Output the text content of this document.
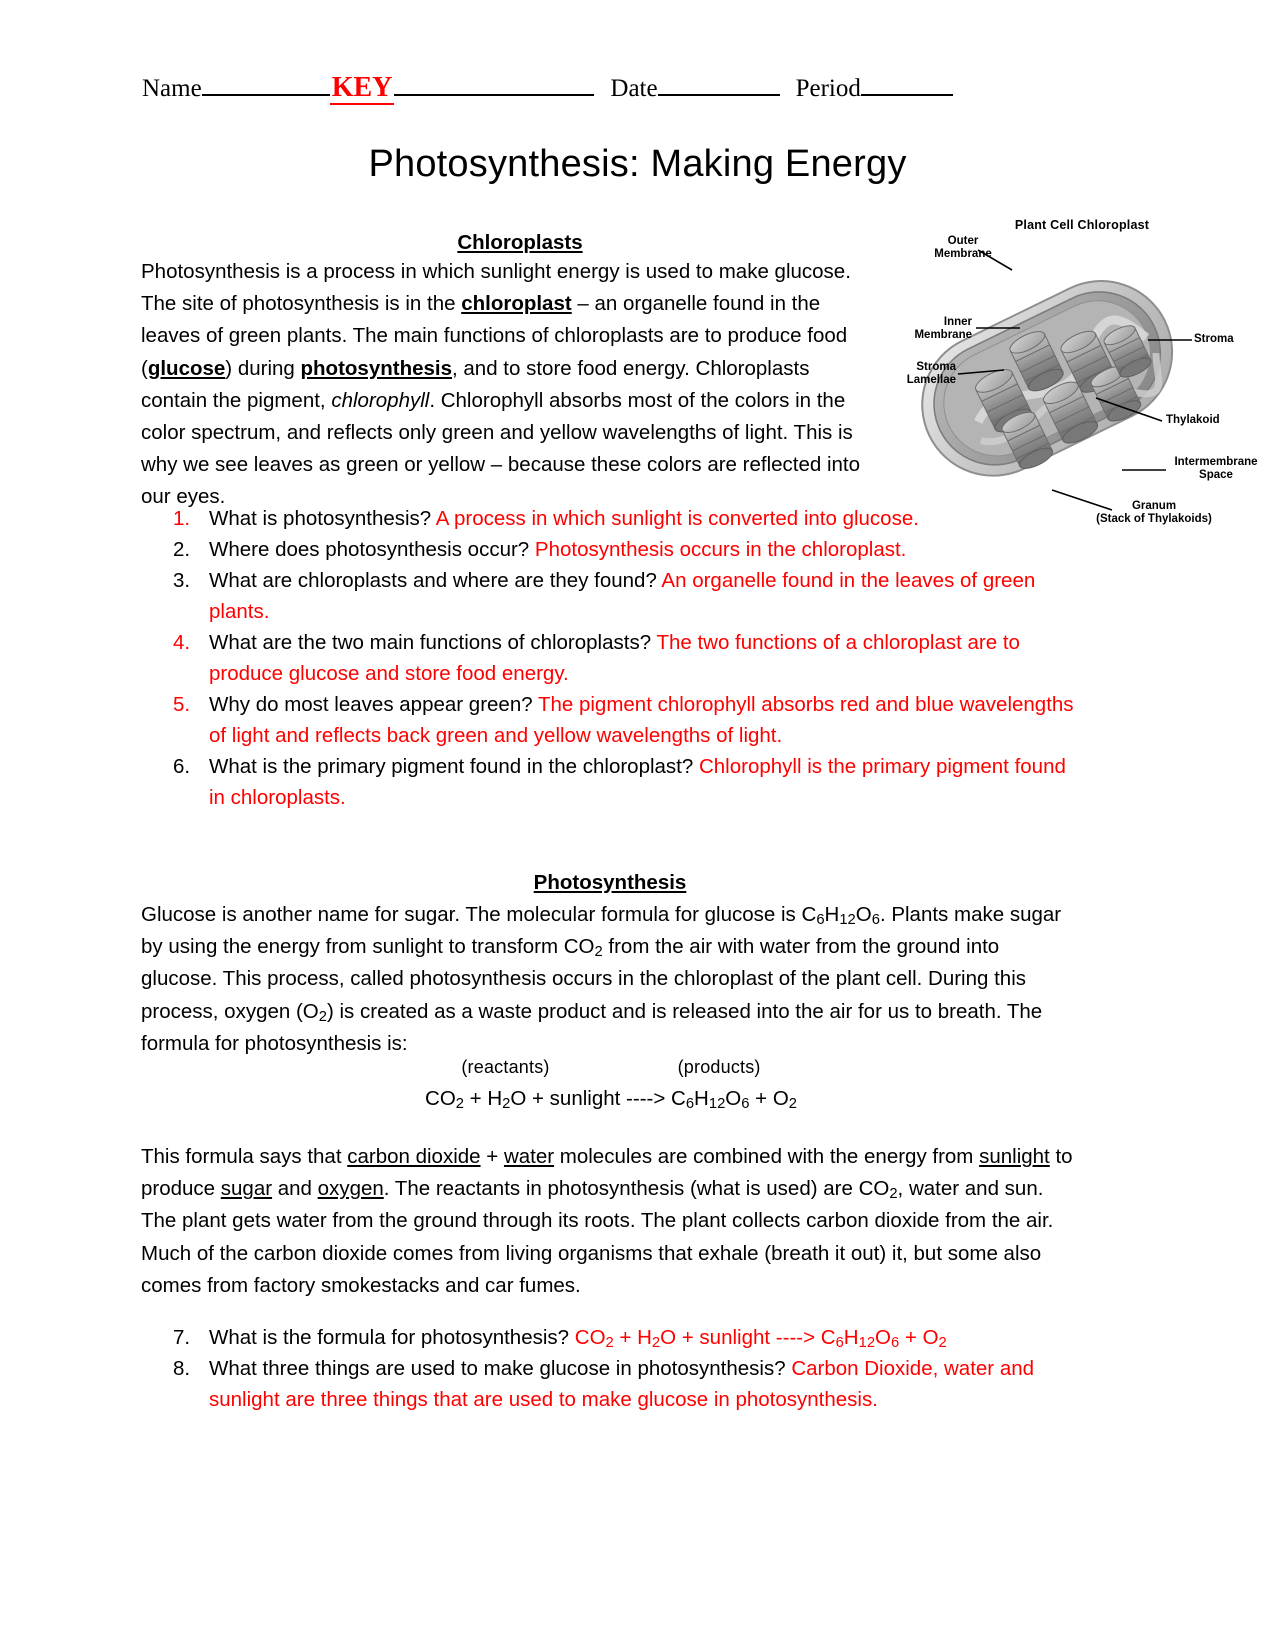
Name	KEY	Date	Period
Photosynthesis: Making Energy
Chloroplasts
Photosynthesis is a process in which sunlight energy is used to make glucose. The site of photosynthesis is in the chloroplast – an organelle found in the leaves of green plants. The main functions of chloroplasts are to produce food (glucose) during photosynthesis, and to store food energy. Chloroplasts contain the pigment, chlorophyll. Chlorophyll absorbs most of the colors in the color spectrum, and reflects only green and yellow wavelengths of light. This is why we see leaves as green or yellow – because these colors are reflected into our eyes.
Plant Cell Chloroplast
Outer
Membrane
Inner
Membrane
Stroma
Lamellae
Stroma
Thylakoid
Intermembrane
Space
Granum
(Stack of Thylakoids)
1. What is photosynthesis? A process in which sunlight is converted into glucose.
2. Where does photosynthesis occur? Photosynthesis occurs in the chloroplast.
3. What are chloroplasts and where are they found? An organelle found in the leaves of green plants.
4. What are the two main functions of chloroplasts? The two functions of a chloroplast are to produce glucose and store food energy.
5. Why do most leaves appear green? The pigment chlorophyll absorbs red and blue wavelengths of light and reflects back green and yellow wavelengths of light.
6. What is the primary pigment found in the chloroplast? Chlorophyll is the primary pigment found in chloroplasts.
Photosynthesis
Glucose is another name for sugar. The molecular formula for glucose is $C_6H_{12}O_6$. Plants make sugar by using the energy from sunlight to transform $CO_2$ from the air with water from the ground into glucose. This process, called photosynthesis occurs in the chloroplast of the plant cell. During this process, oxygen $(O_2)$ is created as a waste product and is released into the air for us to breath. The formula for photosynthesis is:
(reactants)	(products)
$CO_2 + H_2O$ + sunlight ----> $C_6H_{12}O_6 + O_2$
This formula says that carbon dioxide + water molecules are combined with the energy from sunlight to produce sugar and oxygen. The reactants in photosynthesis (what is used) are $CO_2$, water and sun. The plant gets water from the ground through its roots. The plant collects carbon dioxide from the air. Much of the carbon dioxide comes from living organisms that exhale (breath it out) it, but some also comes from factory smokestacks and car fumes.
7. What is the formula for photosynthesis? $CO_2 + H_2O$ + sunlight ----> $C_6H_{12}O_6 + O_2$
8. What three things are used to make glucose in photosynthesis? Carbon Dioxide, water and sunlight are three things that are used to make glucose in photosynthesis.
